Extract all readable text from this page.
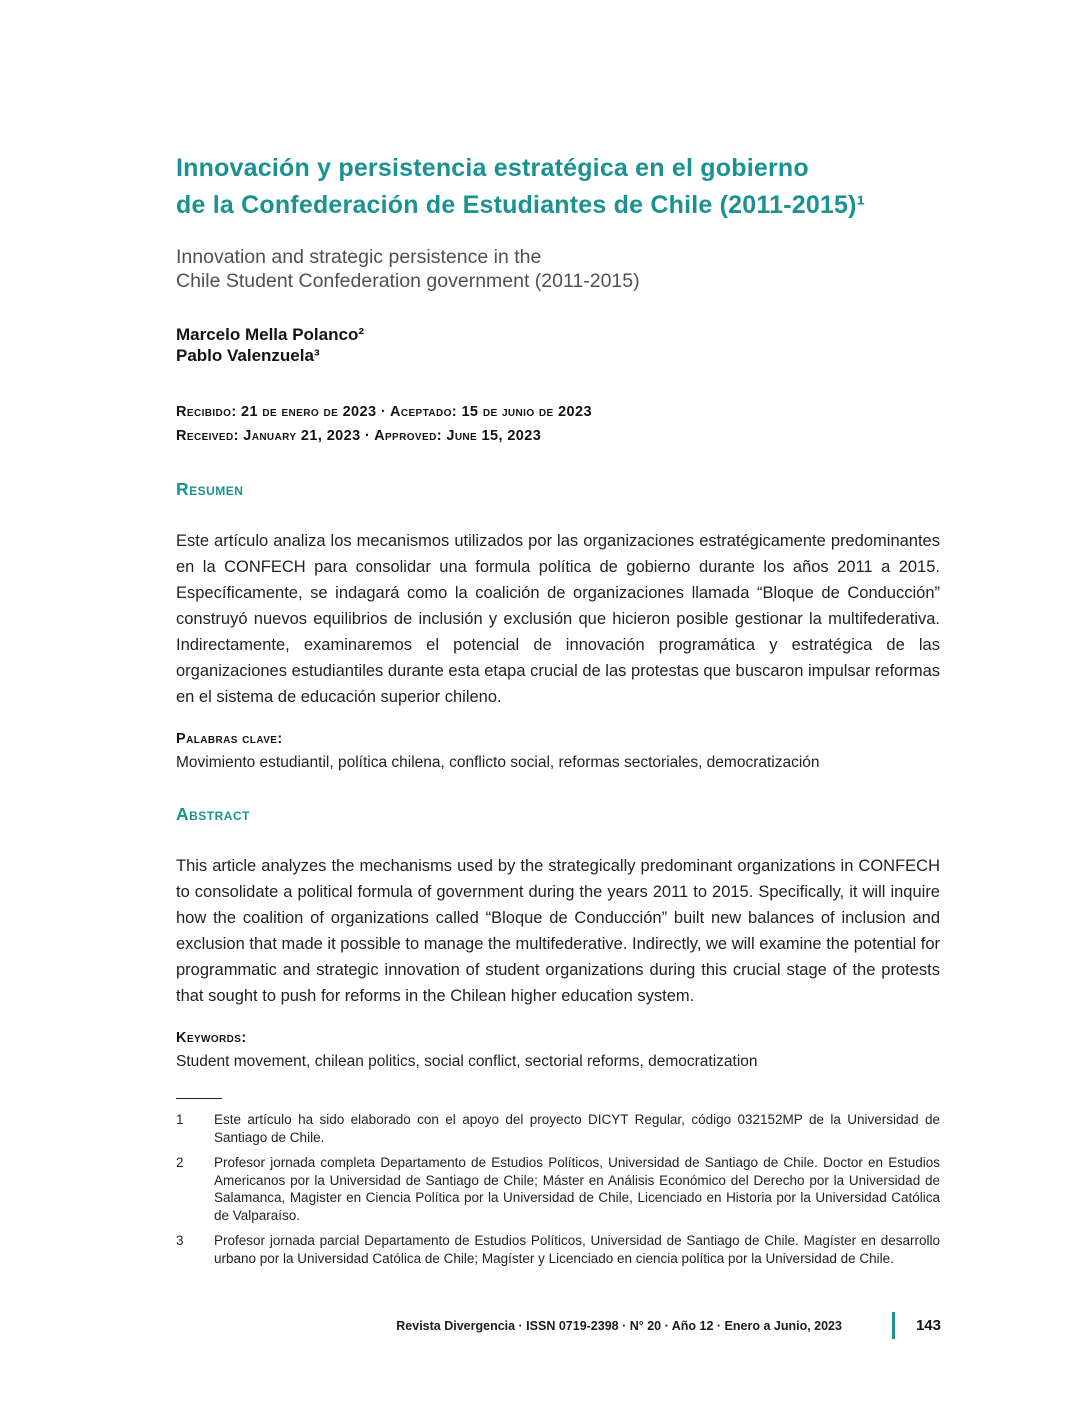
Innovación y persistencia estratégica en el gobierno
de la Confederación de Estudiantes de Chile (2011-2015)¹
Innovation and strategic persistence in the
Chile Student Confederation government (2011-2015)
Marcelo Mella Polanco²
Pablo Valenzuela³
Recibido: 21 de enero de 2023 · Aceptado: 15 de junio de 2023
Received: January 21, 2023 · Approved: June 15, 2023
Resumen

Este artículo analiza los mecanismos utilizados por las organizaciones estratégicamente predominantes en la CONFECH para consolidar una formula política de gobierno durante los años 2011 a 2015. Específicamente, se indagará como la coalición de organizaciones llamada “Bloque de Conducción” construyó nuevos equilibrios de inclusión y exclusión que hicieron posible gestionar la multifederativa. Indirectamente, examinaremos el potencial de innovación programática y estratégica de las organizaciones estudiantiles durante esta etapa crucial de las protestas que buscaron impulsar reformas en el sistema de educación superior chileno.

Palabras clave:
Movimiento estudiantil, política chilena, conflicto social, reformas sectoriales, democratización
Abstract

This article analyzes the mechanisms used by the strategically predominant organizations in CONFECH to consolidate a political formula of government during the years 2011 to 2015. Specifically, it will inquire how the coalition of organizations called “Bloque de Conducción” built new balances of inclusion and exclusion that made it possible to manage the multifederative. Indirectly, we will examine the potential for programmatic and strategic innovation of student organizations during this crucial stage of the protests that sought to push for reforms in the Chilean higher education system.

Keywords:
Student movement, chilean politics, social conflict, sectorial reforms, democratization
1	Este artículo ha sido elaborado con el apoyo del proyecto DICYT Regular, código 032152MP de la Universidad de Santiago de Chile.
2	Profesor jornada completa Departamento de Estudios Políticos, Universidad de Santiago de Chile. Doctor en Estudios Americanos por la Universidad de Santiago de Chile; Máster en Análisis Económico del Derecho por la Universidad de Salamanca, Magister en Ciencia Política por la Universidad de Chile, Licenciado en Historia por la Universidad Católica de Valparaíso.
3	Profesor jornada parcial Departamento de Estudios Políticos, Universidad de Santiago de Chile. Magíster en desarrollo urbano por la Universidad Católica de Chile; Magíster y Licenciado en ciencia política por la Universidad de Chile.
Revista Divergencia · ISSN 0719-2398 · N° 20 · Año 12 · Enero a Junio, 2023	143
